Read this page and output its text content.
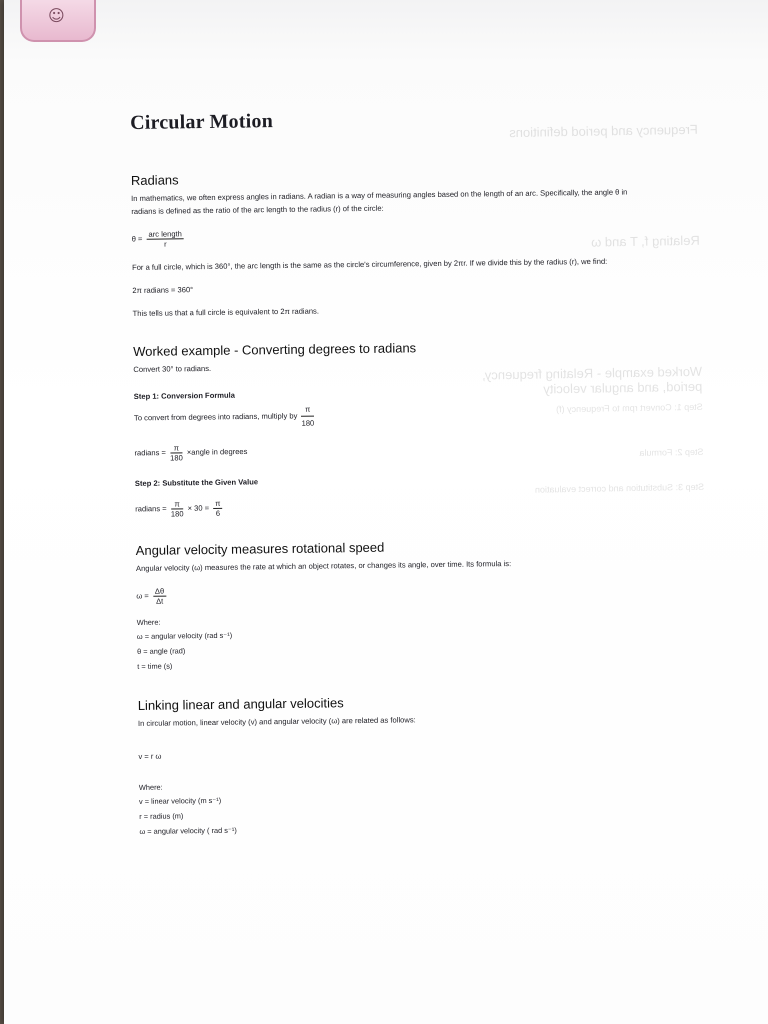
☺
Frequency and period definitions
Relating f, T and ω
Worked example - Relating frequency, period, and angular velocity
Step 1: Convert rpm to Frequency (f)
Step 2: Formula
Step 3: Substitution and correct evaluation
Circular Motion
Radians

In mathematics, we often express angles in radians. A radian is a way of measuring angles based on the length of an arc. Specifically, the angle θ in radians is defined as the ratio of the arc length to the radius (r) of the circle:

$\theta = \frac{\text{arc length}}{r}$

For a full circle, which is 360°, the arc length is the same as the circle's circumference, given by 2πr. If we divide this by the radius (r), we find:

2π radians = 360°

This tells us that a full circle is equivalent to 2π radians.

Worked example - Converting degrees to radians

Convert 30° to radians.

Step 1: Conversion Formula

To convert from degrees into radians, multiply by $\frac{\pi}{180}$

radians = $\frac{\pi}{180}$ ×angle in degrees
Step 2: Substitute the Given Value
radians = $\frac{\pi}{180} \times 30 = \frac{\pi}{6}$
Angular velocity measures rotational speed

Angular velocity (ω) measures the rate at which an object rotates, or changes its angle, over time. Its formula is:

$\omega = \frac{\Delta\theta}{\Delta t}$
Where:
ω = angular velocity (rad s⁻¹)
θ = angle (rad)
t = time (s)
Linking linear and angular velocities

In circular motion, linear velocity (v) and angular velocity (ω) are related as follows:

v = r ω
Where:
v = linear velocity (m s⁻¹)
r = radius (m)
ω = angular velocity ( rad s⁻¹)
